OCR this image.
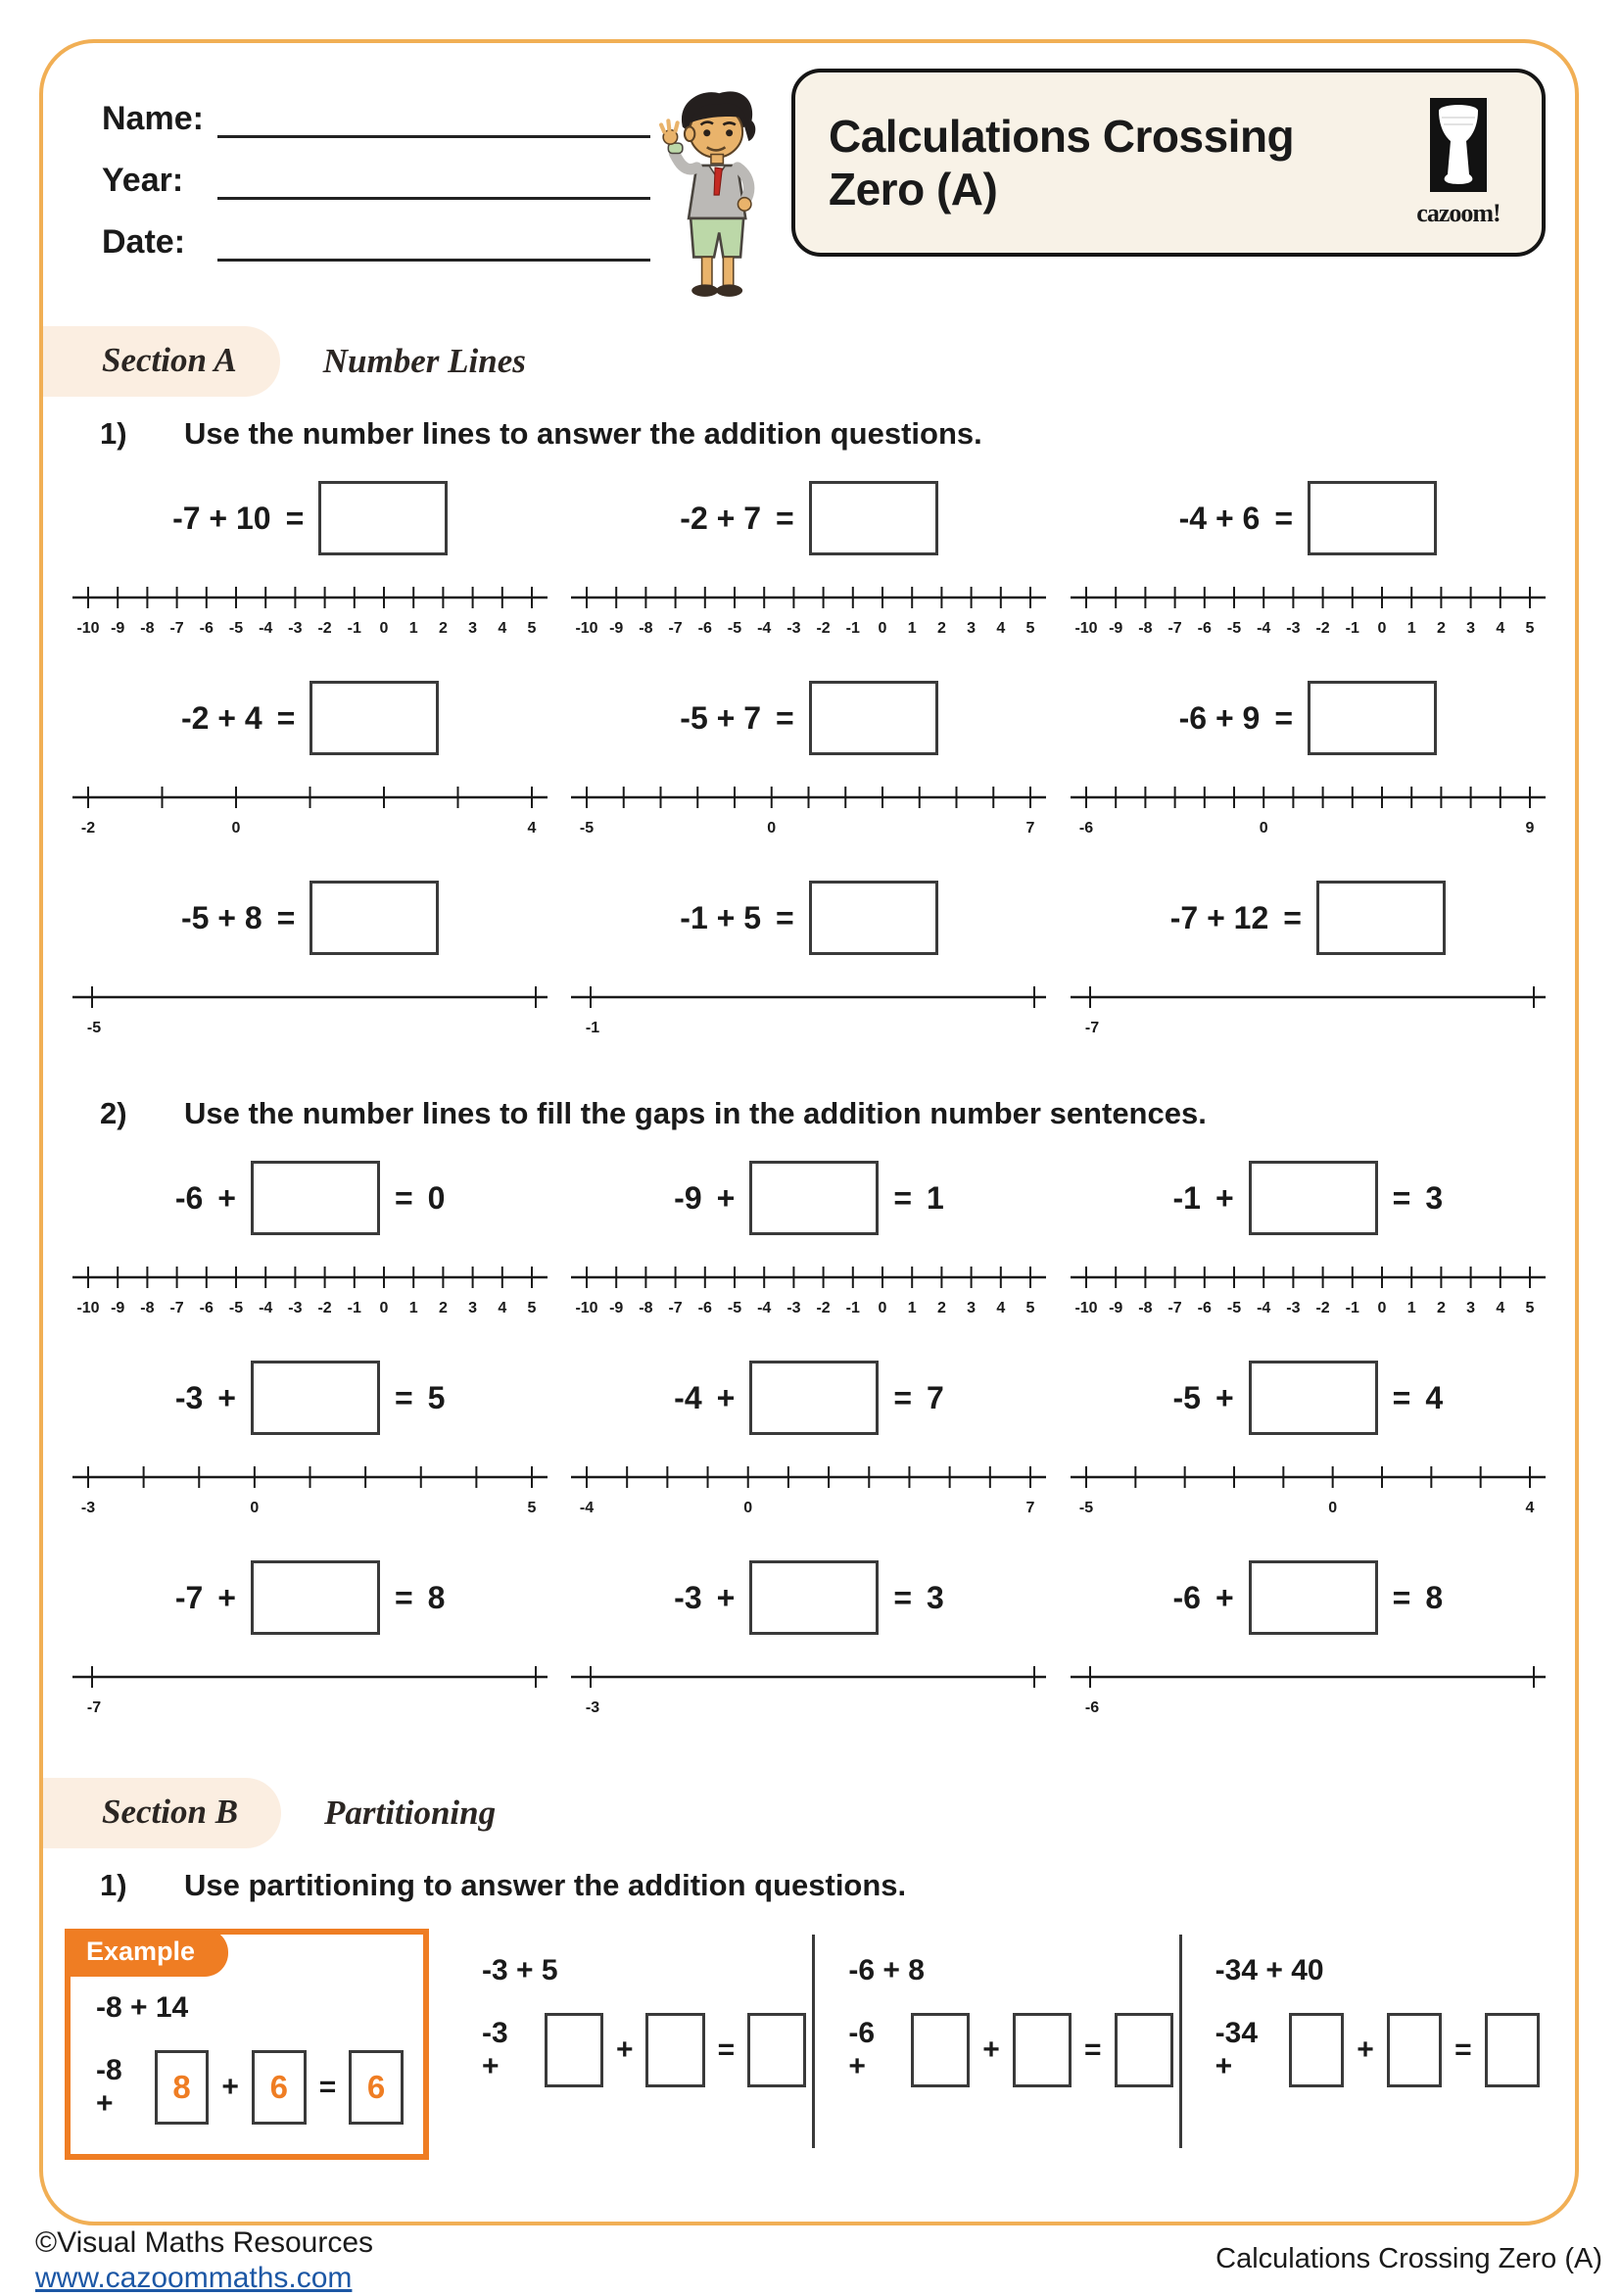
Name:
Year:
Date:
Calculations Crossing
Zero (A)	cazoom!
Section A	Number Lines
1)	Use the number lines to answer the addition questions.
-7 + 10 =
-10 -9 -8 -7 -6 -5 -4 -3 -2 -1 0 1 2 3 4 5
-2 + 7 =
-10 -9 -8 -7 -6 -5 -4 -3 -2 -1 0 1 2 3 4 5
-4 + 6 =
-10 -9 -8 -7 -6 -5 -4 -3 -2 -1 0 1 2 3 4 5
-2 + 4 =
-2	0	4
-5 + 7 =
-5	0	7
-6 + 9 =
-6	0	9
-5 + 8 =
-5
-1 + 5 =
-1
-7 + 12 =
-7
2)	Use the number lines to fill the gaps in the addition number sentences.
-6 +	= 0
-10 -9 -8 -7 -6 -5 -4 -3 -2 -1 0 1 2 3 4 5
-9 +	= 1
-10 -9 -8 -7 -6 -5 -4 -3 -2 -1 0 1 2 3 4 5
-1 +	= 3
-10 -9 -8 -7 -6 -5 -4 -3 -2 -1 0 1 2 3 4 5
-3 +	= 5
-3	0	5
-4 +	= 7
-4	0	7
-5 +	= 4
-5	0	4
-7 +	= 8
-7
-3 +	= 3
-3
-6 +	= 8
-6
Section B	Partitioning
1)	Use partitioning to answer the addition questions.
Example
-8 + 14
-8 +	8	+ 6	= 6
-3 + 5
-3 +
+	=
-6 + 8
-6 +
+	=
-34 + 40
-34 +
+	=
©Visual Maths Resources
www.cazoommaths.com
Calculations Crossing Zero (A)
